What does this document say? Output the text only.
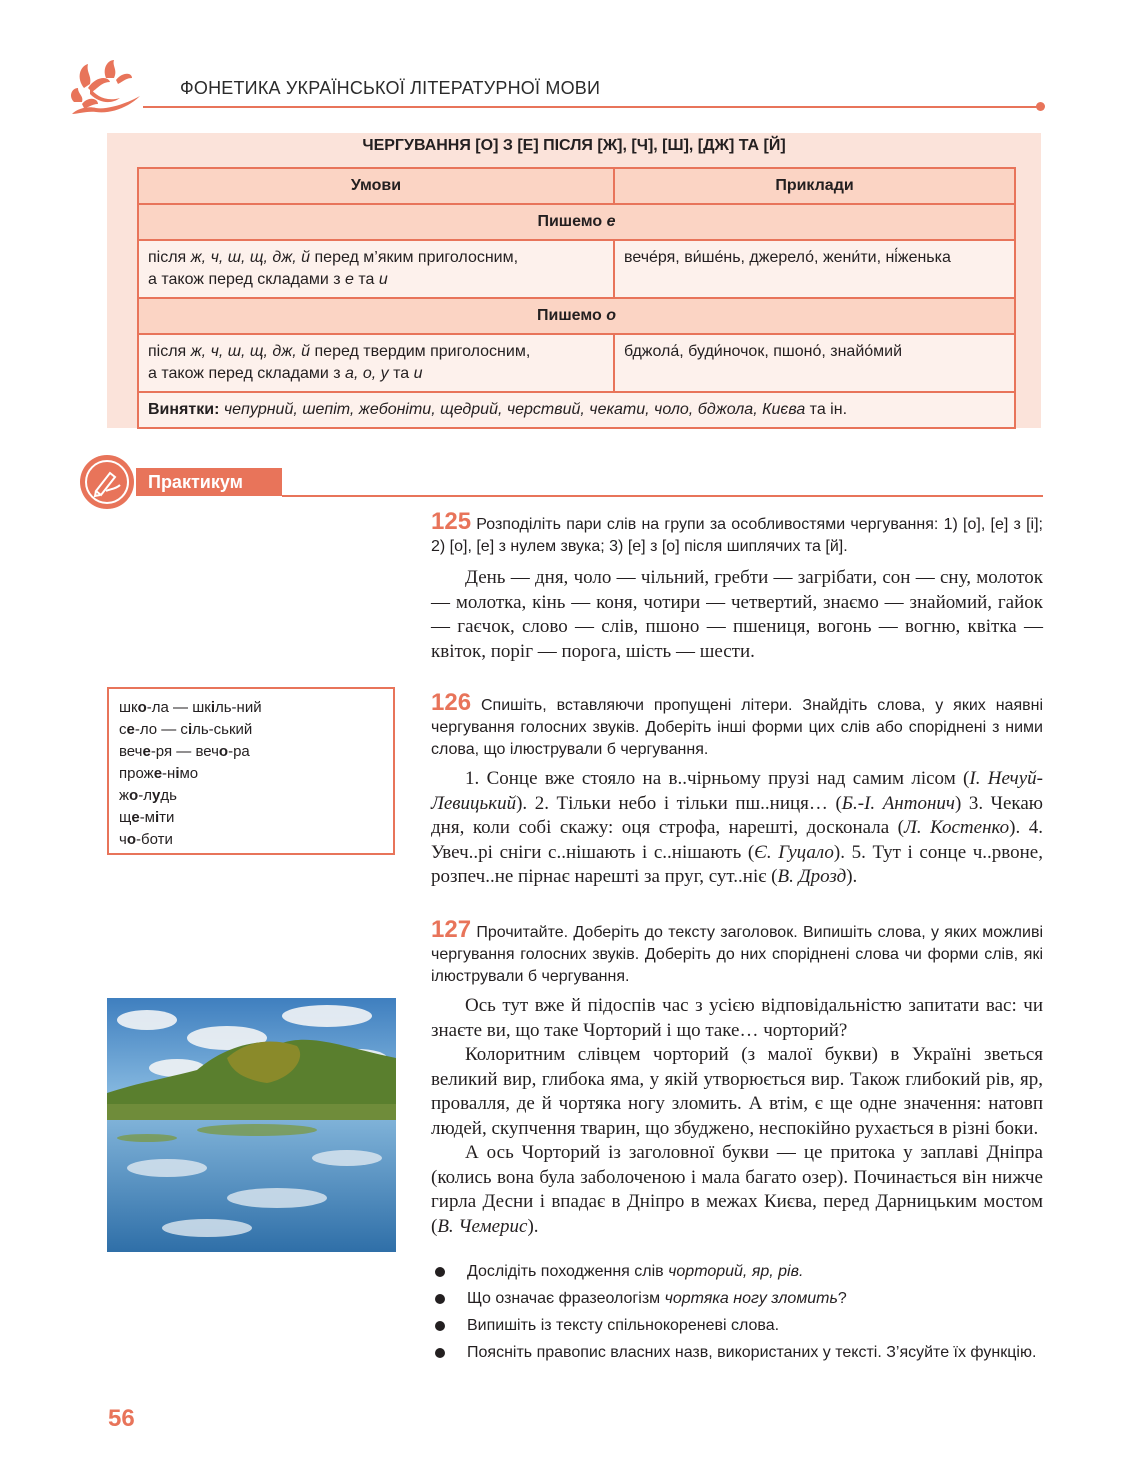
ФОНЕТИКА УКРАЇНСЬКОЇ ЛІТЕРАТУРНОЇ МОВИ
ЧЕРГУВАННЯ [О] З [Е] ПІСЛЯ [Ж], [Ч], [Ш], [ДЖ] ТА [Й]
Умови	Приклади
Пишемо е	
після ж, ч, ш, щ, дж, й перед м’яким приголосним,
а також перед складами з е та и	вече́ря, ви́ше́нь, джерело́, жени́ти, ні́женька
Пишемо о	
після ж, ч, ш, щ, дж, й перед твердим приголосним,
а також перед складами з а, о, у та и	бджола́, буди́ночок, пшоно́, знайо́мий
Винятки: чепурний, шепіт, жебоніти, щедрий, черствий, чекати, чоло, бджола, Києва та ін.	
Практикум

125 Розподіліть пари слів на групи за особливостями чергування: 1) [о], [е] з [і]; 2) [о], [е] з нулем звука; 3) [е] з [о] після шиплячих та [й].

День — дня, чоло — чільний, гребти — загрібати, сон — сну, молоток — молотка, кінь — коня, чотири — четвертий, знаємо — знайомий, гайок — гаєчок, слово — слів, пшоно — пшениця, вогонь — вогню, квітка — квіток, поріг — порога, шість — шести.

шко-ла — шкіль-ний
се-ло — сіль-ський
вече-ря — вечо-ра
проже-німо
жо-лудь
ще-міти
чо-боти

126 Спишіть, вставляючи пропущені літери. Знайдіть слова, у яких наявні чергування голосних звуків. Доберіть інші форми цих слів або споріднені з ними слова, що ілюстрували б чергування.

1. Сонце вже стояло на в..чірньому прузі над самим лісом (І. Нечуй-Левицький). 2. Тільки небо і тільки пш..ниця… (Б.-І. Антонич) 3. Чекаю дня, коли собі скажу: оця строфа, нарешті, досконала (Л. Костенко). 4. Увеч..рі сніги с..нішають і с..нішають (Є. Гуцало). 5. Тут і сонце ч..рвоне, розпеч..не пірнає нарешті за пруг, сут..ніє (В. Дрозд).

127 Прочитайте. Доберіть до тексту заголовок. Випишіть слова, у яких можливі чергування голосних звуків. Доберіть до них споріднені слова чи форми слів, які ілюстрували б чергування.

Ось тут вже й підоспів час з усією відповідальністю запитати вас: чи знаєте ви, що таке Чорторий і що таке… чорторий?

Колоритним слівцем чорторий (з малої букви) в Україні зветься великий вир, глибока яма, у якій утворюється вир. Також глибокий рів, яр, провалля, де й чортяка ногу зломить. А втім, є ще одне значення: натовп людей, скупчення тварин, що збуджено, неспокійно рухається в різні боки.

А ось Чорторий із заголовної букви — це притока у заплаві Дніпра (колись вона була заболоченою і мала багато озер). Починається він нижче гирла Десни і впадає в Дніпро в межах Києва, перед Дарницьким мостом (В. Чемерис).

Дослідіть походження слів чорторий, яр, рів.
Що означає фразеологізм чортяка ногу зломить?
Випишіть із тексту спільнокореневі слова.
Поясніть правопис власних назв, використаних у тексті. З’ясуйте їх функцію.
56
